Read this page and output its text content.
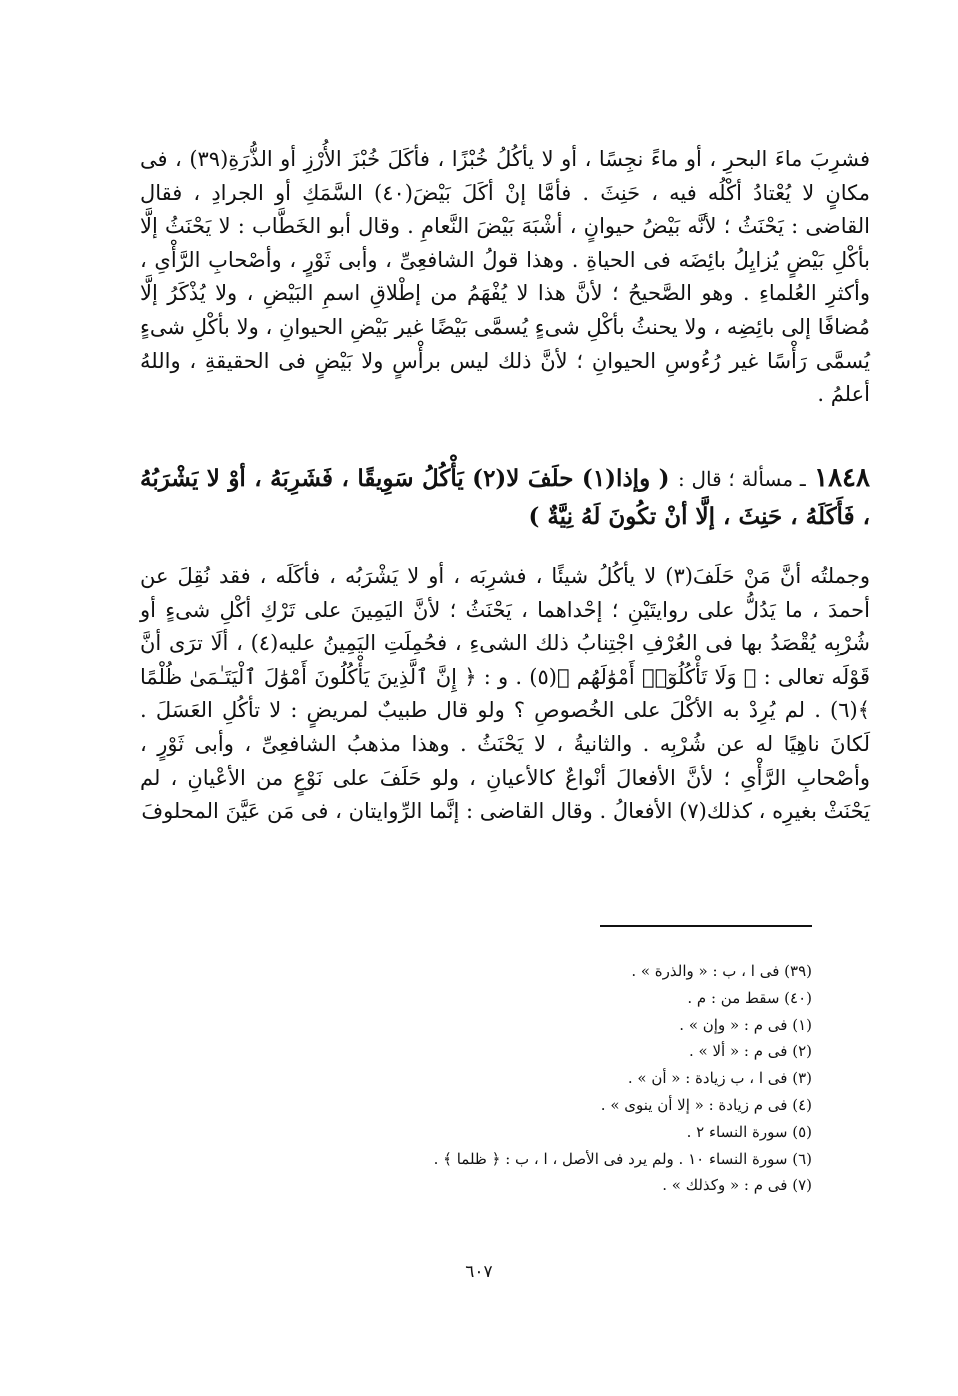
فشرِبَ ماءَ البحرِ ، أو ماءً نجِسًا ، أو لا يأكُلُ خُبْزًا ، فأكَلَ خُبْزَ الأُرْزِ أو الذُّرَةِ(٣٩) ، فى مكانٍ لا يُعْتادُ أكْلُه فيه ، حَنِثَ . فأمَّا إنْ أكَلَ بَيْضَ(٤٠) السَّمَكِ أو الجرادِ ، فقال القاضى : يَحْنَثُ ؛ لأنَّه بَيْضُ حيوانٍ ، أشْبَهَ بَيْضَ النَّعامِ . وقال أبو الخَطَّاب : لا يَحْنَثُ إلَّا بأكْلِ بَيْضٍ يُزايِلُ بائِضَه فى الحياةِ . وهذا قولُ الشافعِىِّ ، وأبى ثَوْرٍ ، وأصْحابِ الرَّأْىِ ، وأكثرِ العُلماءِ . وهو الصَّحيحُ ؛ لأنَّ هذا لا يُفْهَمُ من إطْلاقِ اسمِ البَيْضِ ، ولا يُذْكَرُ إلَّا مُضافًا إلى بائِضِه ، ولا يحنثُ بأكْلِ شىءٍ يُسمَّى بَيْضًا غير بَيْضِ الحيوانِ ، ولا بأكْلِ شىءٍ يُسمَّى رَأْسًا غير رُءُوسِ الحيوانِ ؛ لأنَّ ذلك ليس برأْسٍ ولا بَيْضٍ فى الحقيقةِ ، واللهُ أعلمُ .

١٨٤٨ ـ مسألة ؛ قال : ( وإذا(١) حلَفَ لا(٢) يَأْكُلُ سَوِيقًا ، فَشَرِبَهُ ، أوْ لا يَشْرَبُهُ ، فَأَكَلَهُ ، حَنِثَ ، إلَّا أنْ تكُونَ لَهُ نِيَّةٌ )

وجملتُه أنَّ مَنْ حَلَفَ(٣) لا يأكُلُ شيئًا ، فشرِبَه ، أو لا يَشْرَبُه ، فأكَلَه ، فقد نُقِلَ عن أحمدَ ، ما يَدُلُّ على روايتَيْنِ ؛ إحْداهما ، يَحْنَثُ ؛ لأنَّ اليَمِينَ على تَرْكِ أكْلِ شىءٍ أو شُرْبِه يُقْصَدُ بها فى العُرْفِ اجْتِنابُ ذلك الشىءِ ، فحُمِلَتِ اليَمِينُ عليه(٤) ، ألَا ترَى أنَّ قَوْلَه تعالى : ﴿ وَلَا تَأْكُلُوٓا۟ أَمْوَٰلَهُم ﴾(٥) . و : ﴿ إِنَّ ٱلَّذِينَ يَأْكُلُونَ أَمْوَٰلَ ٱلْيَتَـٰمَىٰ ظُلْمًا ﴾(٦) . لم يُرِدْ به الأكْلَ على الخُصوصِ ؟ ولو قال طبيبٌ لمريضٍ : لا تأكُلِ العَسَلَ . لَكانَ ناهِيًا له عن شُرْبِه . والثانيةُ ، لا يَحْنَثُ . وهذا مذهبُ الشافعِىِّ ، وأبى ثَوْرٍ ، وأصْحابِ الرَّأْىِ ؛ لأنَّ الأفعالَ أنْواعٌ كالأعيانِ ، ولو حَلَفَ على نَوْعٍ من الأعْيانِ ، لم يَحْنَثْ بغيرِه ، كذلك(٧) الأفعالُ . وقال القاضى : إنَّما الرِّوايتان ، فى مَن عَيَّنَ المحلوفَ

(٣٩) فى ا ، ب : « والذرة » .
(٤٠) سقط من : م .
(١) فى م : « وإن » .
(٢) فى م : « ألا » .
(٣) فى ا ، ب زيادة : « أن » .
(٤) فى م زيادة : « إلا أن ينوى » .
(٥) سورة النساء ٢ .
(٦) سورة النساء ١٠ . ولم يرد فى الأصل ، ا ، ب : ﴿ ظلما ﴾ .
(٧) فى م : « وكذلك » .
٦٠٧
